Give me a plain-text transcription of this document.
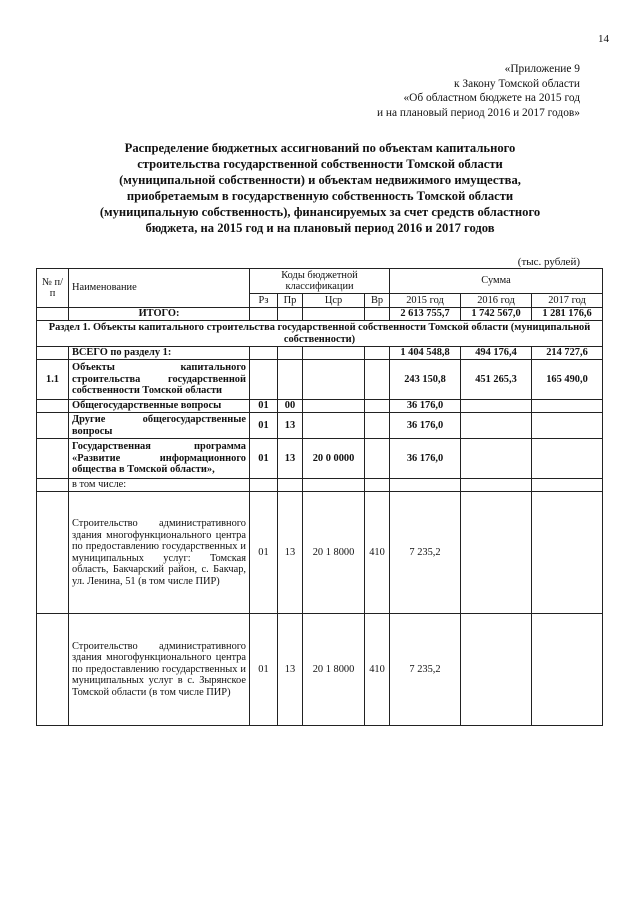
14
«Приложение 9
к Закону Томской области
«Об областном бюджете на 2015 год
и на плановый период 2016 и 2017 годов»
Распределение бюджетных ассигнований по объектам капитального
строительства государственной собственности Томской области
(муниципальной собственности) и объектам недвижимого имущества,
приобретаемым в государственную собственность Томской области
(муниципальную собственность), финансируемых за счет средств областного
бюджета, на 2015 год и на плановый период 2016 и 2017 годов
(тыс. рублей)
№ п/п	Наименование	Коды бюджетной классификации				Сумма		
		Рз	Пр	Цср	Вр	2015 год	2016 год	2017 год
	ИТОГО:					2 613 755,7	1 742 567,0	1 281 176,6
Раздел 1. Объекты капитального строительства государственной собственности Томской области (муниципальной собственности)								
	ВСЕГО по разделу 1:					1 404 548,8	494 176,4	214 727,6
1.1	Объекты капитального строительства государственной собственности Томской области					243 150,8	451 265,3	165 490,0
	Общегосударственные вопросы	01	00			36 176,0		
	Другие общегосударственные вопросы	01	13			36 176,0		
	Государственная программа «Развитие информационного общества в Томской области»,	01	13	20 0 0000		36 176,0		
	в том числе:							
	Строительство административного здания многофункционального центра по предоставлению государственных и муниципальных услуг: Томская область, Бакчарский район, с. Бакчар, ул. Ленина, 51 (в том числе ПИР)	01	13	20 1 8000	410	7 235,2		
	Строительство административного здания многофункционального центра по предоставлению государственных и муниципальных услуг в с. Зырянское Томской области (в том числе ПИР)	01	13	20 1 8000	410	7 235,2		
